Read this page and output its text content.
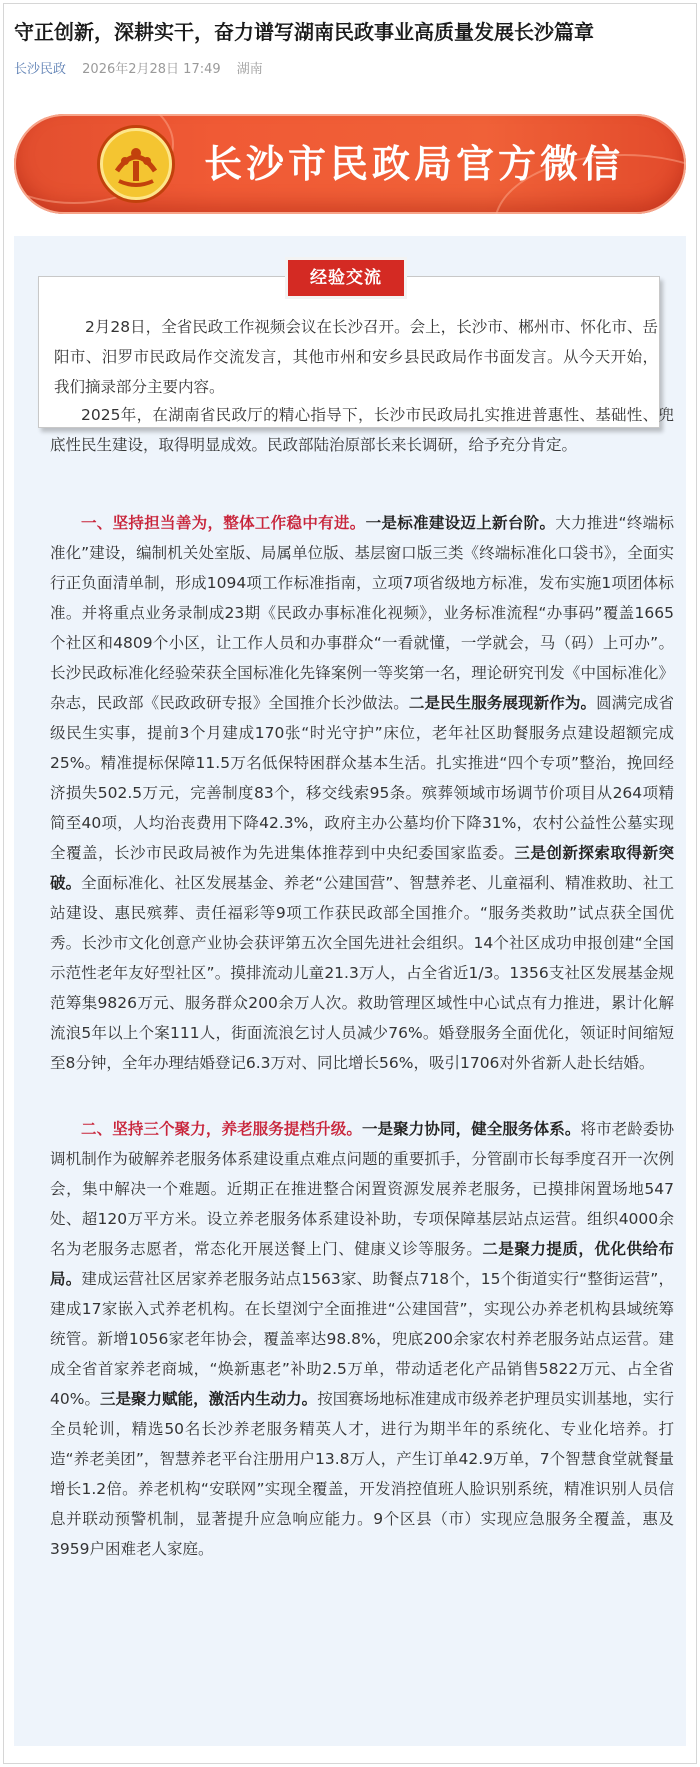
守正创新，深耕实干，奋力谱写湖南民政事业高质量发展长沙篇章
长沙民政 2026年2月28日 17:49 湖南
长沙市民政局官方微信
经验交流

2月28日，全省民政工作视频会议在长沙召开。会上，长沙市、郴州市、怀化市、岳阳市、汨罗市民政局作交流发言，其他市州和安乡县民政局作书面发言。从今天开始，我们摘录部分主要内容。

2025年，在湖南省民政厅的精心指导下，长沙市民政局扎实推进普惠性、基础性、兜底性民生建设，取得明显成效。民政部陆治原部长来长调研，给予充分肯定。

一、坚持担当善为，整体工作稳中有进。一是标准建设迈上新台阶。大力推进“终端标准化”建设，编制机关处室版、局属单位版、基层窗口版三类《终端标准化口袋书》，全面实行正负面清单制，形成1094项工作标准指南，立项7项省级地方标准，发布实施1项团体标准。并将重点业务录制成23期《民政办事标准化视频》，业务标准流程“办事码”覆盖1665个社区和4809个小区，让工作人员和办事群众“一看就懂，一学就会，马（码）上可办”。长沙民政标准化经验荣获全国标准化先锋案例一等奖第一名，理论研究刊发《中国标准化》杂志，民政部《民政政研专报》全国推介长沙做法。二是民生服务展现新作为。圆满完成省级民生实事，提前3个月建成170张“时光守护”床位，老年社区助餐服务点建设超额完成25%。精准提标保障11.5万名低保特困群众基本生活。扎实推进“四个专项”整治，挽回经济损失502.5万元，完善制度83个，移交线索95条。殡葬领域市场调节价项目从264项精简至40项，人均治丧费用下降42.3%，政府主办公墓均价下降31%，农村公益性公墓实现全覆盖，长沙市民政局被作为先进集体推荐到中央纪委国家监委。三是创新探索取得新突破。全面标准化、社区发展基金、养老“公建国营”、智慧养老、儿童福利、精准救助、社工站建设、惠民殡葬、责任福彩等9项工作获民政部全国推介。“服务类救助”试点获全国优秀。长沙市文化创意产业协会获评第五次全国先进社会组织。14个社区成功申报创建“全国示范性老年友好型社区”。摸排流动儿童21.3万人，占全省近1/3。1356支社区发展基金规范筹集9826万元、服务群众200余万人次。救助管理区域性中心试点有力推进，累计化解流浪5年以上个案111人，街面流浪乞讨人员减少76%。婚登服务全面优化，领证时间缩短至8分钟，全年办理结婚登记6.3万对、同比增长56%，吸引1706对外省新人赴长结婚。

二、坚持三个聚力，养老服务提档升级。一是聚力协同，健全服务体系。将市老龄委协调机制作为破解养老服务体系建设重点难点问题的重要抓手，分管副市长每季度召开一次例会，集中解决一个难题。近期正在推进整合闲置资源发展养老服务，已摸排闲置场地547处、超120万平方米。设立养老服务体系建设补助，专项保障基层站点运营。组织4000余名为老服务志愿者，常态化开展送餐上门、健康义诊等服务。二是聚力提质，优化供给布局。建成运营社区居家养老服务站点1563家、助餐点718个，15个街道实行“整街运营”，建成17家嵌入式养老机构。在长望浏宁全面推进“公建国营”，实现公办养老机构县域统筹统管。新增1056家老年协会，覆盖率达98.8%，兜底200余家农村养老服务站点运营。建成全省首家养老商城，“焕新惠老”补助2.5万单，带动适老化产品销售5822万元、占全省40%。三是聚力赋能，激活内生动力。按国赛场地标准建成市级养老护理员实训基地，实行全员轮训，精选50名长沙养老服务精英人才，进行为期半年的系统化、专业化培养。打造“养老美团”，智慧养老平台注册用户13.8万人，产生订单42.9万单，7个智慧食堂就餐量增长1.2倍。养老机构“安联网”实现全覆盖，开发消控值班人脸识别系统，精准识别人员信息并联动预警机制，显著提升应急响应能力。9个区县（市）实现应急服务全覆盖，惠及3959户困难老人家庭。
